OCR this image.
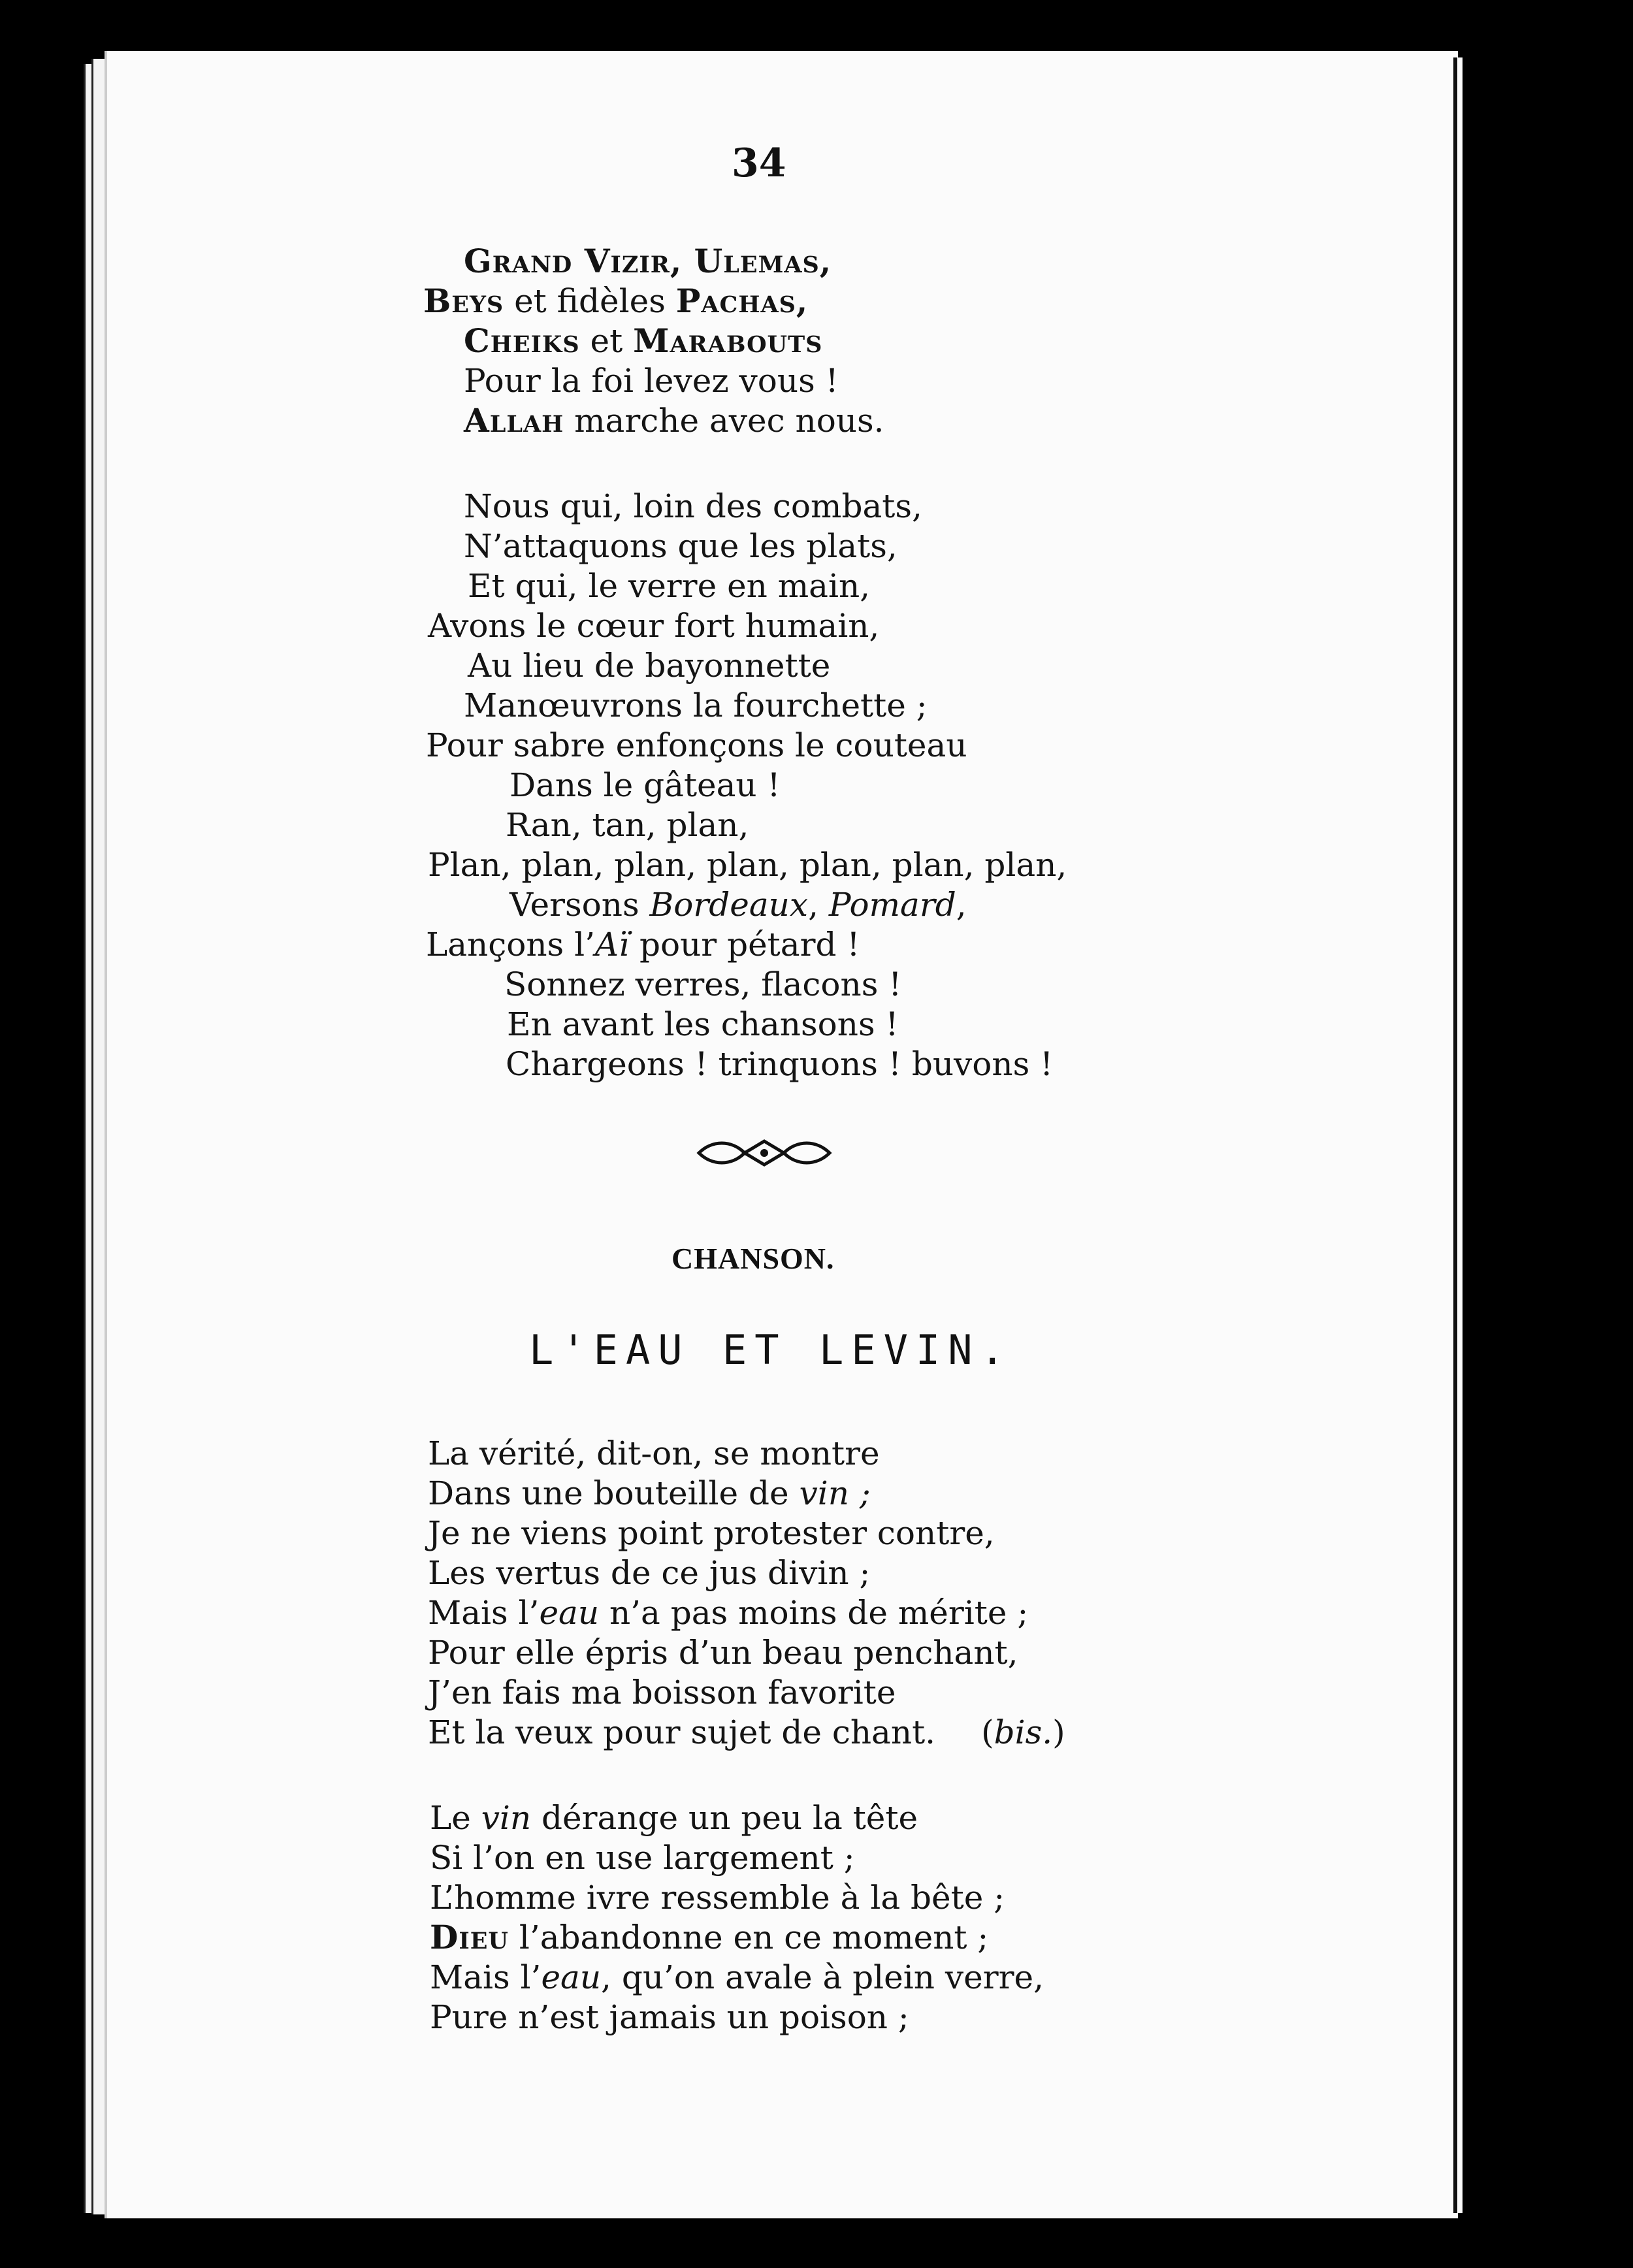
34
Grand Vizir, Ulemas,
Beys et fidèles Pachas,
Cheiks et Marabouts
Pour la foi levez vous !
Allah marche avec nous.
Nous qui, loin des combats,
N’attaquons que les plats,
Et qui, le verre en main,
Avons le cœur fort humain,
Au lieu de bayonnette
Manœuvrons la fourchette ;
Pour sabre enfonçons le couteau
Dans le gâteau !
Ran, tan, plan,
Plan, plan, plan, plan, plan, plan, plan,
Versons Bordeaux, Pomard,
Lançons l’Aï pour pétard !
Sonnez verres, flacons !
En avant les chansons !
Chargeons ! trinquons ! buvons !
CHANSON.
L'EAU ET LEVIN.
La vérité, dit-on, se montre
Dans une bouteille de vin ;
Je ne viens point protester contre,
Les vertus de ce jus divin ;
Mais l’eau n’a pas moins de mérite ;
Pour elle épris d’un beau penchant,
J’en fais ma boisson favorite
Et la veux pour sujet de chant. (bis.)
Le vin dérange un peu la tête
Si l’on en use largement ;
L’homme ivre ressemble à la bête ;
Dieu l’abandonne en ce moment ;
Mais l’eau, qu’on avale à plein verre,
Pure n’est jamais un poison ;
